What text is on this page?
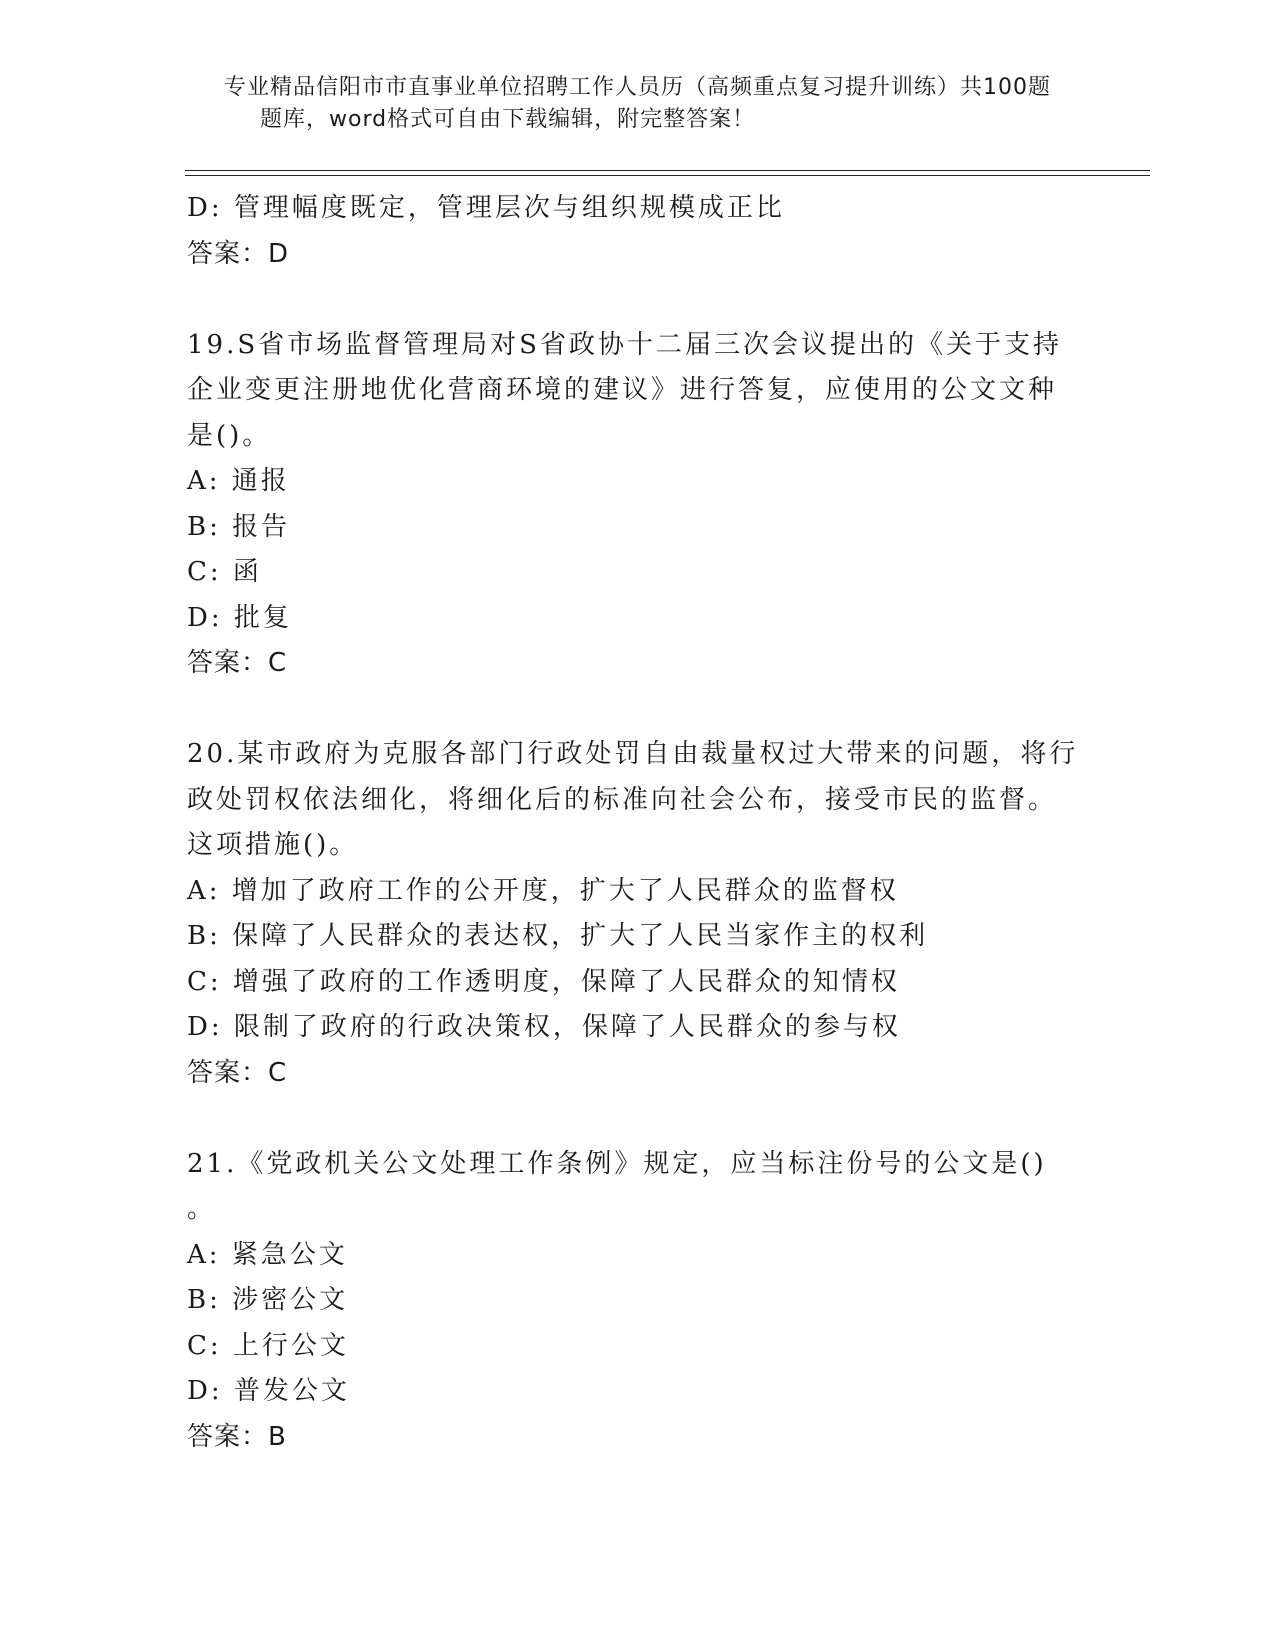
专业精品信阳市市直事业单位招聘工作人员历（高频重点复习提升训练）共100题
题库，word格式可自由下载编辑，附完整答案！
D: 管理幅度既定，管理层次与组织规模成正比
答案：D
19.S省市场监督管理局对S省政协十二届三次会议提出的《关于支持
企业变更注册地优化营商环境的建议》进行答复，应使用的公文文种
是()。
A: 通报
B: 报告
C: 函
D: 批复
答案：C
20.某市政府为克服各部门行政处罚自由裁量权过大带来的问题，将行
政处罚权依法细化，将细化后的标准向社会公布，接受市民的监督。
这项措施()。
A: 增加了政府工作的公开度，扩大了人民群众的监督权
B: 保障了人民群众的表达权，扩大了人民当家作主的权利
C: 增强了政府的工作透明度，保障了人民群众的知情权
D: 限制了政府的行政决策权，保障了人民群众的参与权
答案：C
21.《党政机关公文处理工作条例》规定，应当标注份号的公文是()
。
A: 紧急公文
B: 涉密公文
C: 上行公文
D: 普发公文
答案：B
